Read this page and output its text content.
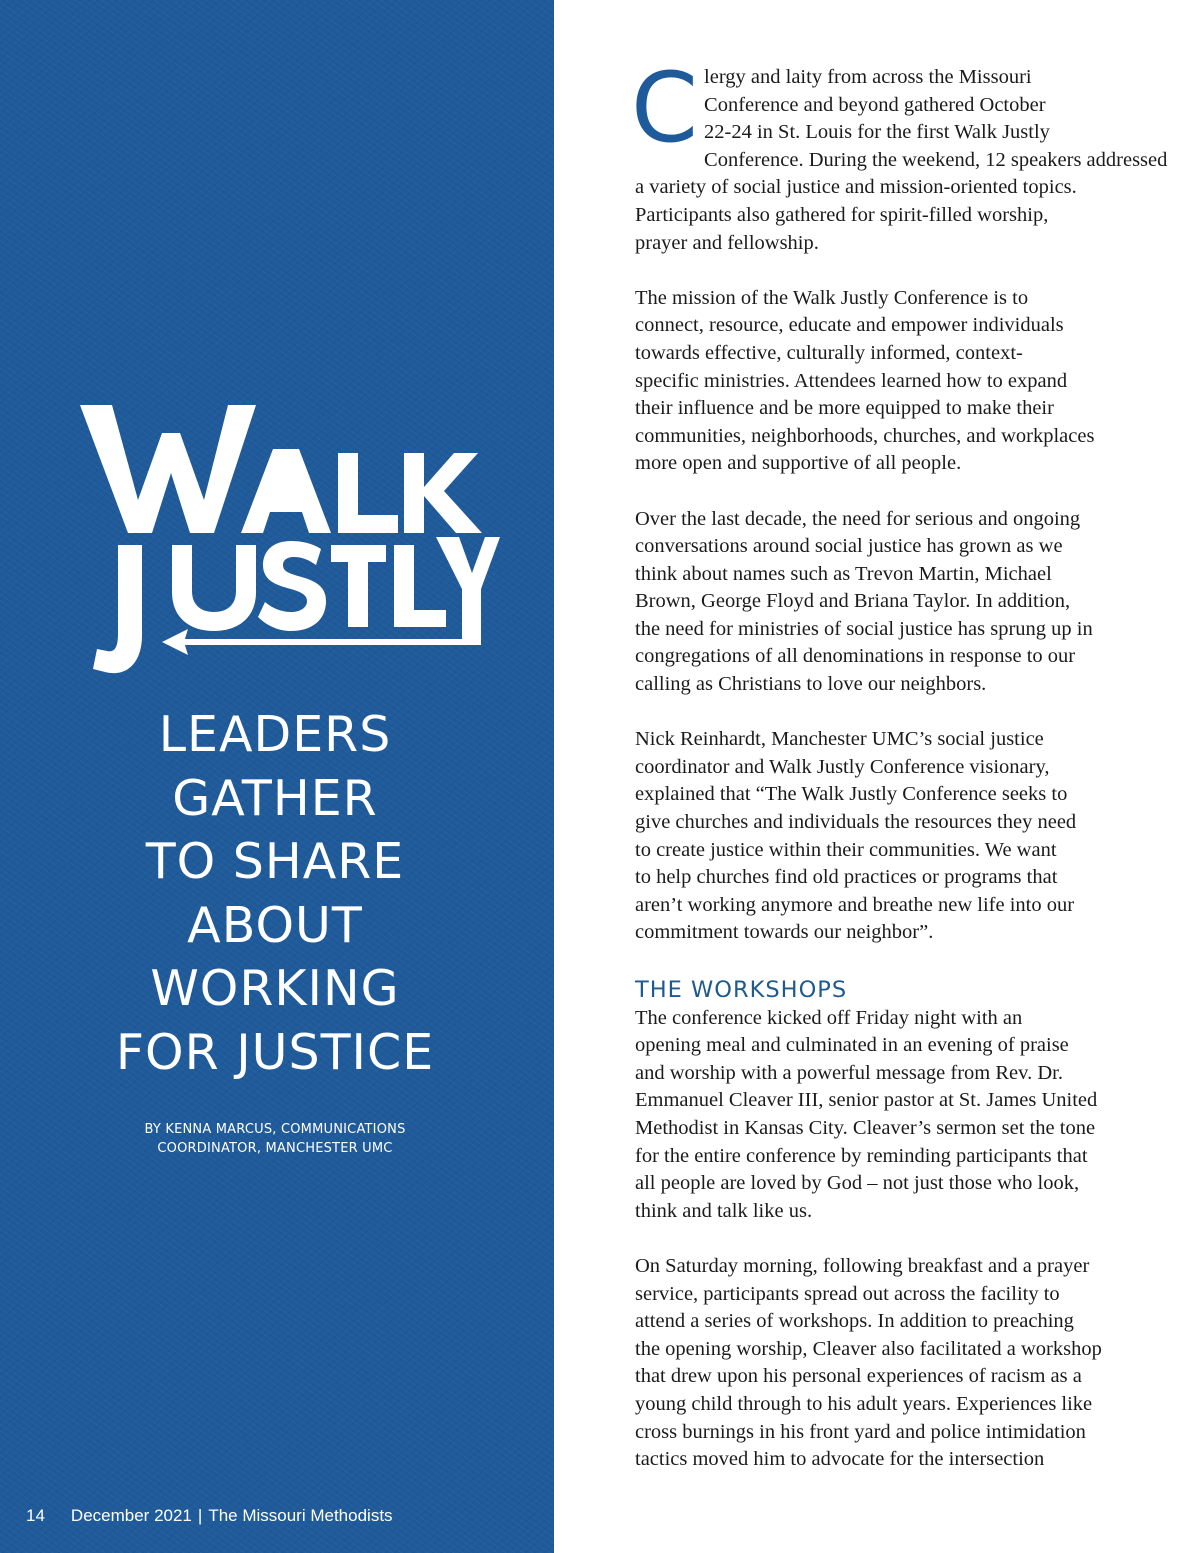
LEADERS
GATHER
TO SHARE
ABOUT
WORKING
FOR JUSTICE
BY KENNA MARCUS, COMMUNICATIONS
COORDINATOR, MANCHESTER UMC
14 December 2021 | The Missouri Methodists

C lergy and laity from across the Missouri
Conference and beyond gathered October
22-24 in St. Louis for the first Walk Justly
Conference. During the weekend, 12 speakers addressed
a variety of social justice and mission-oriented topics.
Participants also gathered for spirit-filled worship,
prayer and fellowship.

The mission of the Walk Justly Conference is to
connect, resource, educate and empower individuals
towards effective, culturally informed, context-
specific ministries. Attendees learned how to expand
their influence and be more equipped to make their
communities, neighborhoods, churches, and workplaces
more open and supportive of all people.

Over the last decade, the need for serious and ongoing
conversations around social justice has grown as we
think about names such as Trevon Martin, Michael
Brown, George Floyd and Briana Taylor. In addition,
the need for ministries of social justice has sprung up in
congregations of all denominations in response to our
calling as Christians to love our neighbors.

Nick Reinhardt, Manchester UMC’s social justice
coordinator and Walk Justly Conference visionary,
explained that “The Walk Justly Conference seeks to
give churches and individuals the resources they need
to create justice within their communities. We want
to help churches find old practices or programs that
aren’t working anymore and breathe new life into our
commitment towards our neighbor”.

THE WORKSHOPS

The conference kicked off Friday night with an
opening meal and culminated in an evening of praise
and worship with a powerful message from Rev. Dr.
Emmanuel Cleaver III, senior pastor at St. James United
Methodist in Kansas City. Cleaver’s sermon set the tone
for the entire conference by reminding participants that
all people are loved by God – not just those who look,
think and talk like us.

On Saturday morning, following breakfast and a prayer
service, participants spread out across the facility to
attend a series of workshops. In addition to preaching
the opening worship, Cleaver also facilitated a workshop
that drew upon his personal experiences of racism as a
young child through to his adult years. Experiences like
cross burnings in his front yard and police intimidation
tactics moved him to advocate for the intersection
